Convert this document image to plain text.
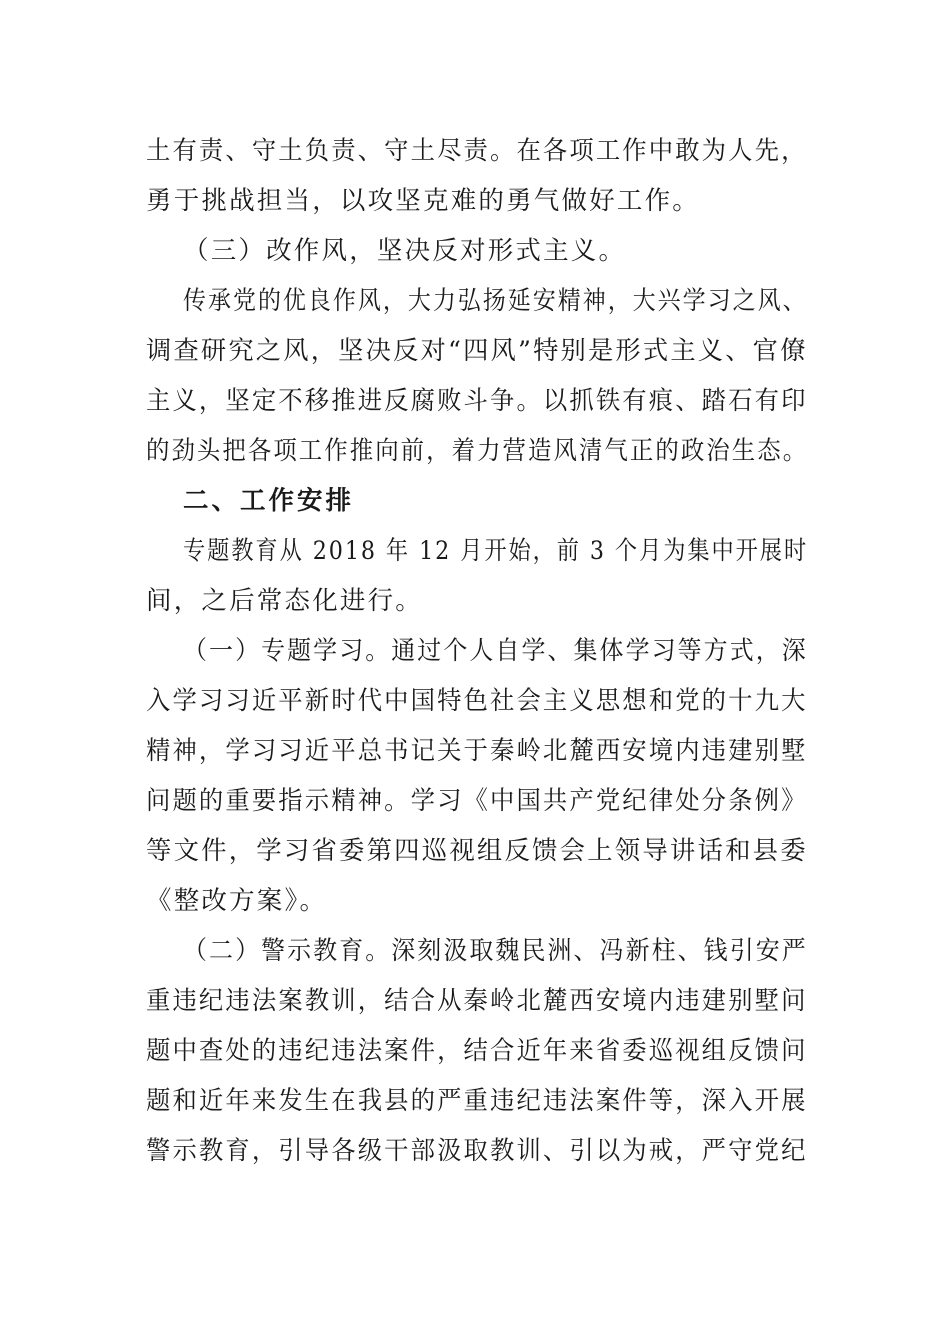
土有责、守土负责、守土尽责。在各项工作中敢为人先，
勇于挑战担当，以攻坚克难的勇气做好工作。
（三）改作风，坚决反对形式主义。
传承党的优良作风，大力弘扬延安精神，大兴学习之风、
调查研究之风，坚决反对“四风”特别是形式主义、官僚
主义，坚定不移推进反腐败斗争。以抓铁有痕、踏石有印
的劲头把各项工作推向前，着力营造风清气正的政治生态。
二、工作安排
专题教育从 2018 年 12 月开始，前 3 个月为集中开展时
间，之后常态化进行。
（一）专题学习。通过个人自学、集体学习等方式，深
入学习习近平新时代中国特色社会主义思想和党的十九大
精神，学习习近平总书记关于秦岭北麓西安境内违建别墅
问题的重要指示精神。学习《中国共产党纪律处分条例》
等文件，学习省委第四巡视组反馈会上领导讲话和县委
《整改方案》。
（二）警示教育。深刻汲取魏民洲、冯新柱、钱引安严
重违纪违法案教训，结合从秦岭北麓西安境内违建别墅问
题中查处的违纪违法案件，结合近年来省委巡视组反馈问
题和近年来发生在我县的严重违纪违法案件等，深入开展
警示教育，引导各级干部汲取教训、引以为戒，严守党纪
